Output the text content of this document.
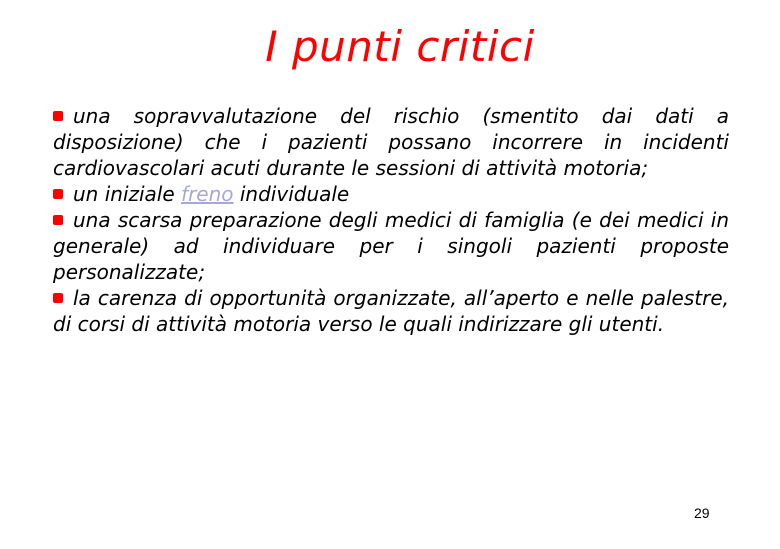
I punti critici

una sopravvalutazione del rischio (smentito dai dati a disposizione) che i pazienti possano incorrere in incidenti cardiovascolari acuti durante le sessioni di attività motoria;

un iniziale freno individuale

una scarsa preparazione degli medici di famiglia (e dei medici in generale) ad individuare per i singoli pazienti proposte personalizzate;

la carenza di opportunità organizzate, all’aperto e nelle palestre, di corsi di attività motoria verso le quali indirizzare gli utenti.

29
